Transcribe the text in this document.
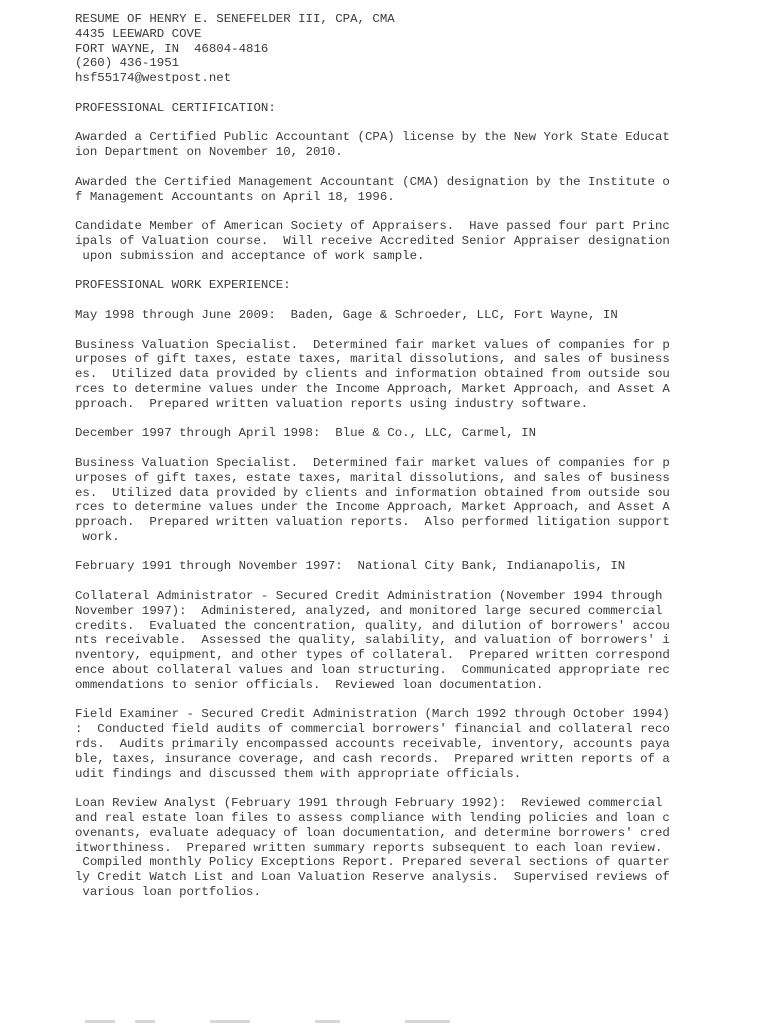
RESUME OF HENRY E. SENEFELDER III, CPA, CMA
4435 LEEWARD COVE
FORT WAYNE, IN  46804-4816
(260) 436-1951
hsf55174@westpost.net
PROFESSIONAL CERTIFICATION:
Awarded a Certified Public Accountant (CPA) license by the New York State Educat
ion Department on November 10, 2010.
Awarded the Certified Management Accountant (CMA) designation by the Institute o
f Management Accountants on April 18, 1996.
Candidate Member of American Society of Appraisers.  Have passed four part Princ
ipals of Valuation course.  Will receive Accredited Senior Appraiser designation
upon submission and acceptance of work sample.
PROFESSIONAL WORK EXPERIENCE:
May 1998 through June 2009:  Baden, Gage & Schroeder, LLC, Fort Wayne, IN
Business Valuation Specialist.  Determined fair market values of companies for p
urposes of gift taxes, estate taxes, marital dissolutions, and sales of business
es.  Utilized data provided by clients and information obtained from outside sou
rces to determine values under the Income Approach, Market Approach, and Asset A
pproach.  Prepared written valuation reports using industry software.
December 1997 through April 1998:  Blue & Co., LLC, Carmel, IN
Business Valuation Specialist.  Determined fair market values of companies for p
urposes of gift taxes, estate taxes, marital dissolutions, and sales of business
es.  Utilized data provided by clients and information obtained from outside sou
rces to determine values under the Income Approach, Market Approach, and Asset A
pproach.  Prepared written valuation reports.  Also performed litigation support
work.
February 1991 through November 1997:  National City Bank, Indianapolis, IN
Collateral Administrator - Secured Credit Administration (November 1994 through
November 1997):  Administered, analyzed, and monitored large secured commercial
credits.  Evaluated the concentration, quality, and dilution of borrowers' accou
nts receivable.  Assessed the quality, salability, and valuation of borrowers' i
nventory, equipment, and other types of collateral.  Prepared written correspond
ence about collateral values and loan structuring.  Communicated appropriate rec
ommendations to senior officials.  Reviewed loan documentation.
Field Examiner - Secured Credit Administration (March 1992 through October 1994)
:  Conducted field audits of commercial borrowers' financial and collateral reco
rds.  Audits primarily encompassed accounts receivable, inventory, accounts paya
ble, taxes, insurance coverage, and cash records.  Prepared written reports of a
udit findings and discussed them with appropriate officials.
Loan Review Analyst (February 1991 through February 1992):  Reviewed commercial
and real estate loan files to assess compliance with lending policies and loan c
ovenants, evaluate adequacy of loan documentation, and determine borrowers' cred
itworthiness.  Prepared written summary reports subsequent to each loan review.
Compiled monthly Policy Exceptions Report. Prepared several sections of quarter
ly Credit Watch List and Loan Valuation Reserve analysis.  Supervised reviews of
various loan portfolios.
